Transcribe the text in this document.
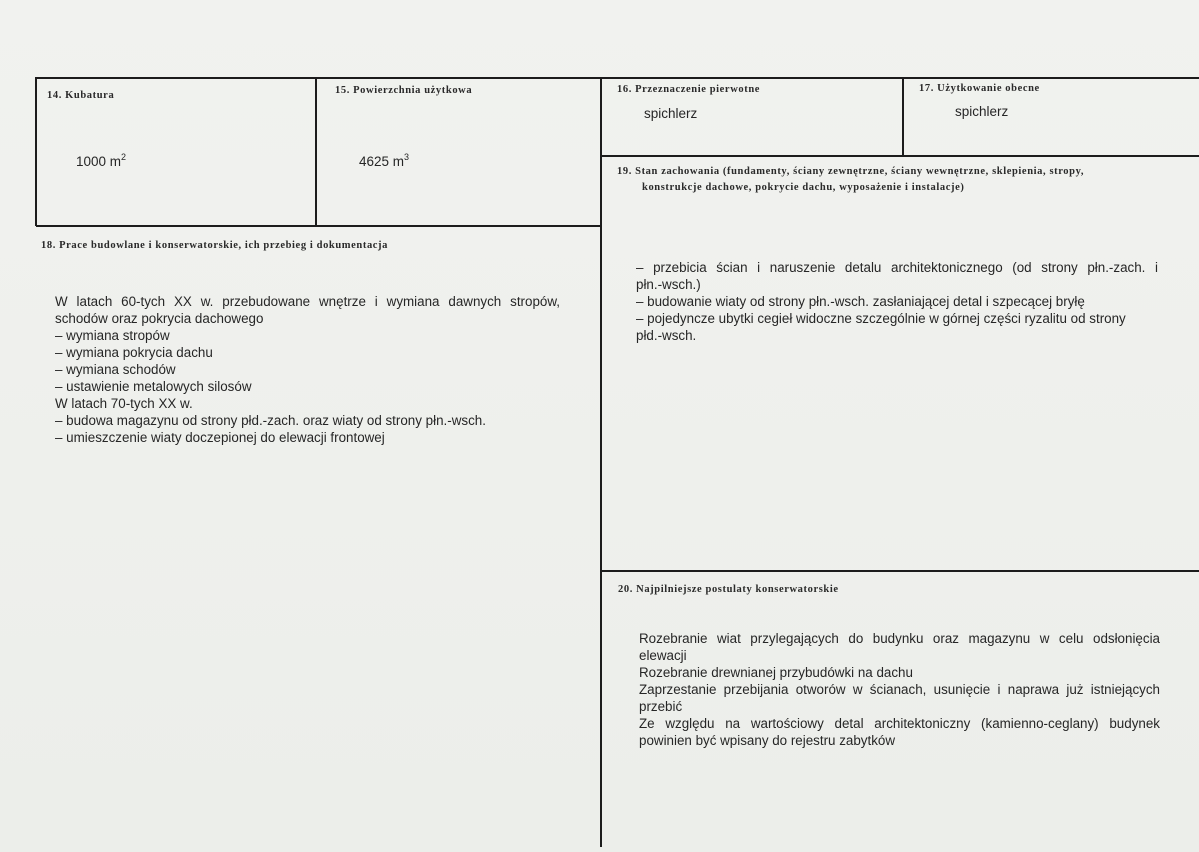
14. Kubatura
1000 $m^2$
15. Powierzchnia użytkowa
4625 $m^3$
16. Przeznaczenie pierwotne
spichlerz
17. Użytkowanie obecne
spichlerz
18. Prace budowlane i konserwatorskie, ich przebieg i dokumentacja
W latach 60-tych XX w. przebudowane wnętrze i wymiana dawnych stropów,
schodów oraz pokrycia dachowego
– wymiana stropów
– wymiana pokrycia dachu
– wymiana schodów
– ustawienie metalowych silosów
W latach 70-tych XX w.
– budowa magazynu od strony płd.-zach. oraz wiaty od strony płn.-wsch.
– umieszczenie wiaty doczepionej do elewacji frontowej
19. Stan zachowania (fundamenty, ściany zewnętrzne, ściany wewnętrzne, sklepienia, stropy,
konstrukcje dachowe, pokrycie dachu, wyposażenie i instalacje)
– przebicia ścian i naruszenie detalu architektonicznego (od strony płn.-zach. i
płn.-wsch.)
– budowanie wiaty od strony płn.-wsch. zasłaniającej detal i szpecącej bryłę
– pojedyncze ubytki cegieł widoczne szczególnie w górnej części ryzalitu od strony
płd.-wsch.
20. Najpilniejsze postulaty konserwatorskie
Rozebranie wiat przylegających do budynku oraz magazynu w celu odsłonięcia
elewacji
Rozebranie drewnianej przybudówki na dachu
Zaprzestanie przebijania otworów w ścianach, usunięcie i naprawa już istniejących
przebić
Ze względu na wartościowy detal architektoniczny (kamienno-ceglany) budynek
powinien być wpisany do rejestru zabytków
